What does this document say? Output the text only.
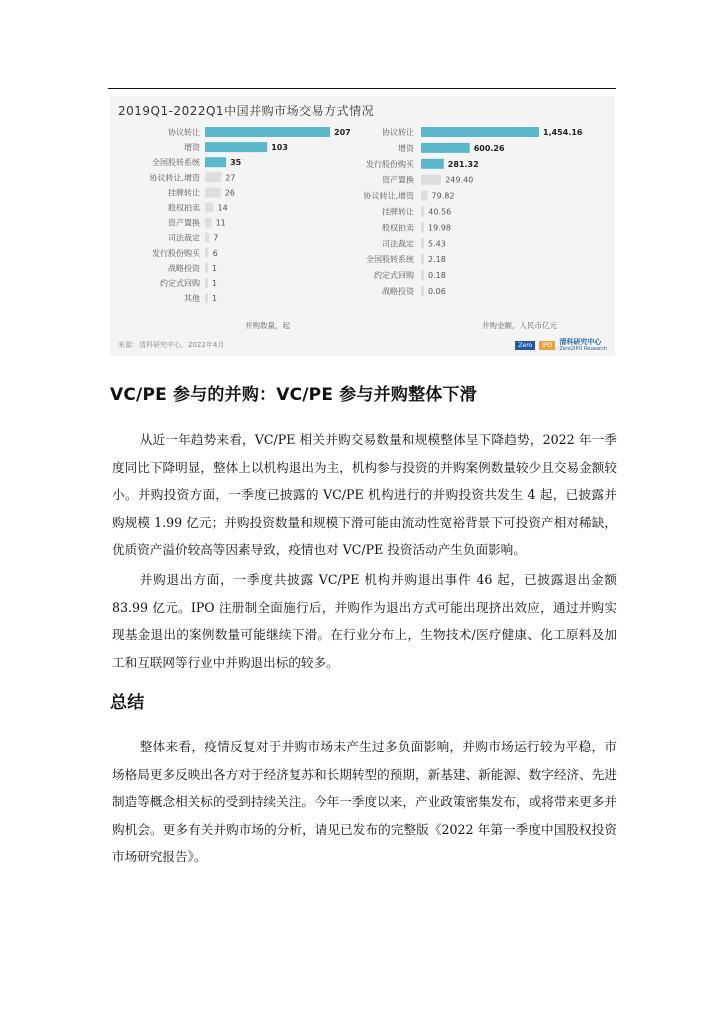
2019Q1-2022Q1中国并购市场交易方式情况
协议转让	207
增资	103
全国股转系统	35
协议转让,增资	27
挂牌转让	26
股权拍卖 14
资产置换 11
司法裁定 7
发行股份购买 6
战略投资 1
约定式回购 1
其他 1
并购数量，起
协议转让	1,454.16
增资	600.26
发行股份购买	281.32
资产置换	249.40
协议转让,增资 79.82
挂牌转让 40.56
股权拍卖 19.98
司法裁定 5.43
全国股转系统 2.18
约定式回购 0.18
战略投资 0.06
并购金额，人民币亿元
来源：清科研究中心，2022年4月	Zero	IPO	清科研究中心
Zero2IPO Research
VC/PE 参与的并购：VC/PE 参与并购整体下滑

从近一年趋势来看，VC/PE 相关并购交易数量和规模整体呈下降趋势，2022 年一季度同比下降明显，整体上以机构退出为主，机构参与投资的并购案例数量较少且交易金额较小。并购投资方面，一季度已披露的 VC/PE 机构进行的并购投资共发生 4 起，已披露并购规模 1.99 亿元；并购投资数量和规模下滑可能由流动性宽裕背景下可投资产相对稀缺，优质资产溢价较高等因素导致，疫情也对 VC/PE 投资活动产生负面影响。

并购退出方面，一季度共披露 VC/PE 机构并购退出事件 46 起，已披露退出金额 83.99 亿元。IPO 注册制全面施行后，并购作为退出方式可能出现挤出效应，通过并购实现基金退出的案例数量可能继续下滑。在行业分布上，生物技术/医疗健康、化工原料及加工和互联网等行业中并购退出标的较多。

总结

整体来看，疫情反复对于并购市场未产生过多负面影响，并购市场运行较为平稳，市场格局更多反映出各方对于经济复苏和长期转型的预期，新基建、新能源、数字经济、先进制造等概念相关标的受到持续关注。今年一季度以来，产业政策密集发布，或将带来更多并购机会。更多有关并购市场的分析，请见已发布的完整版《2022 年第一季度中国股权投资市场研究报告》。
